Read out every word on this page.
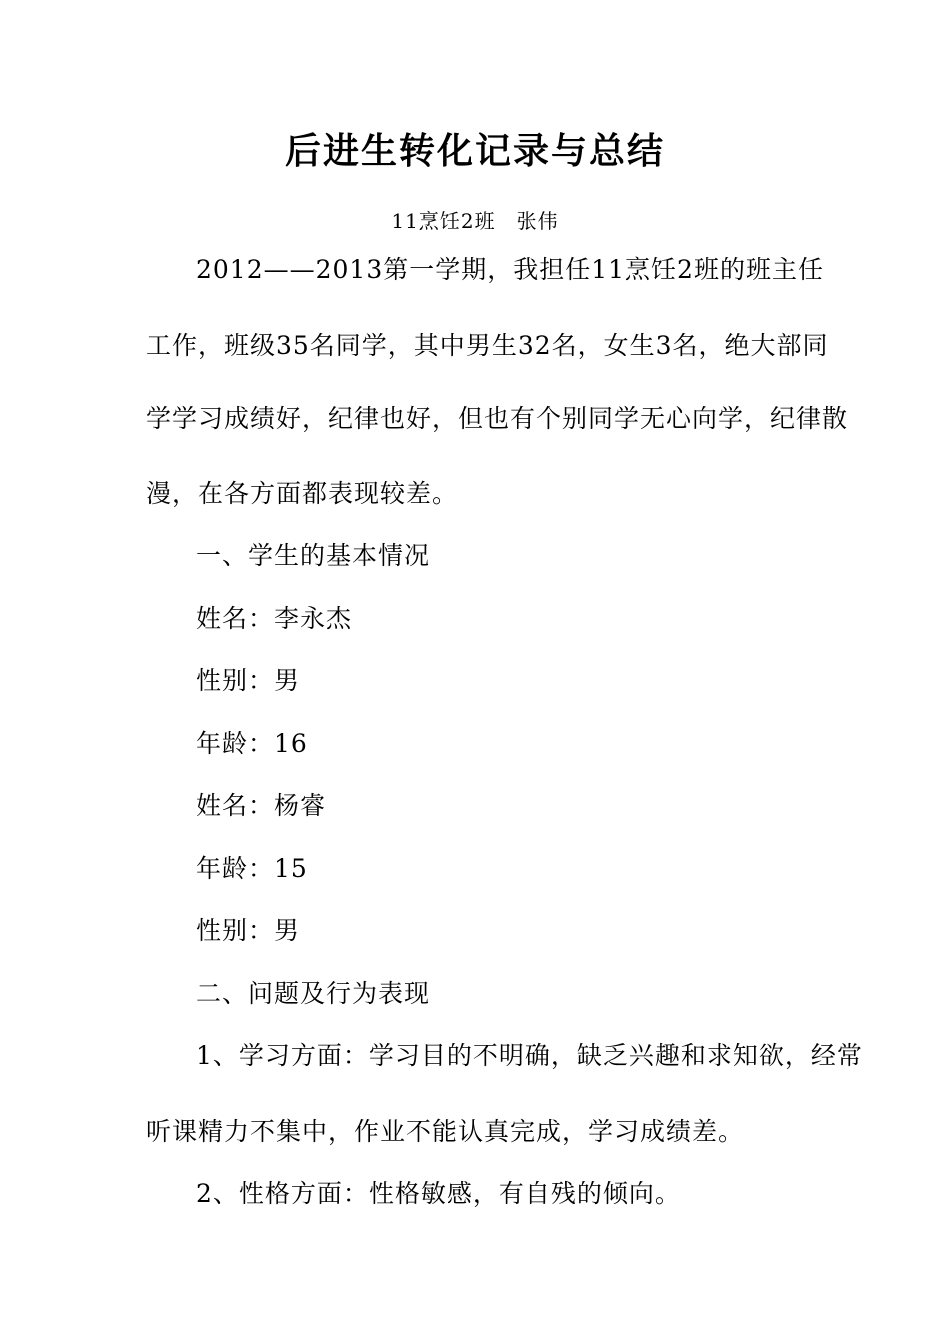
后进生转化记录与总结
11烹饪2班　张伟
2012——2013第一学期，我担任11烹饪2班的班主任
工作，班级35名同学，其中男生32名，女生3名，绝大部同
学学习成绩好，纪律也好，但也有个别同学无心向学，纪律散
漫，在各方面都表现较差。
一、学生的基本情况
姓名：李永杰
性别：男
年龄：16
姓名：杨睿
年龄：15
性别：男
二、问题及行为表现
1、学习方面：学习目的不明确，缺乏兴趣和求知欲，经常
听课精力不集中，作业不能认真完成，学习成绩差。
2、性格方面：性格敏感，有自残的倾向。
